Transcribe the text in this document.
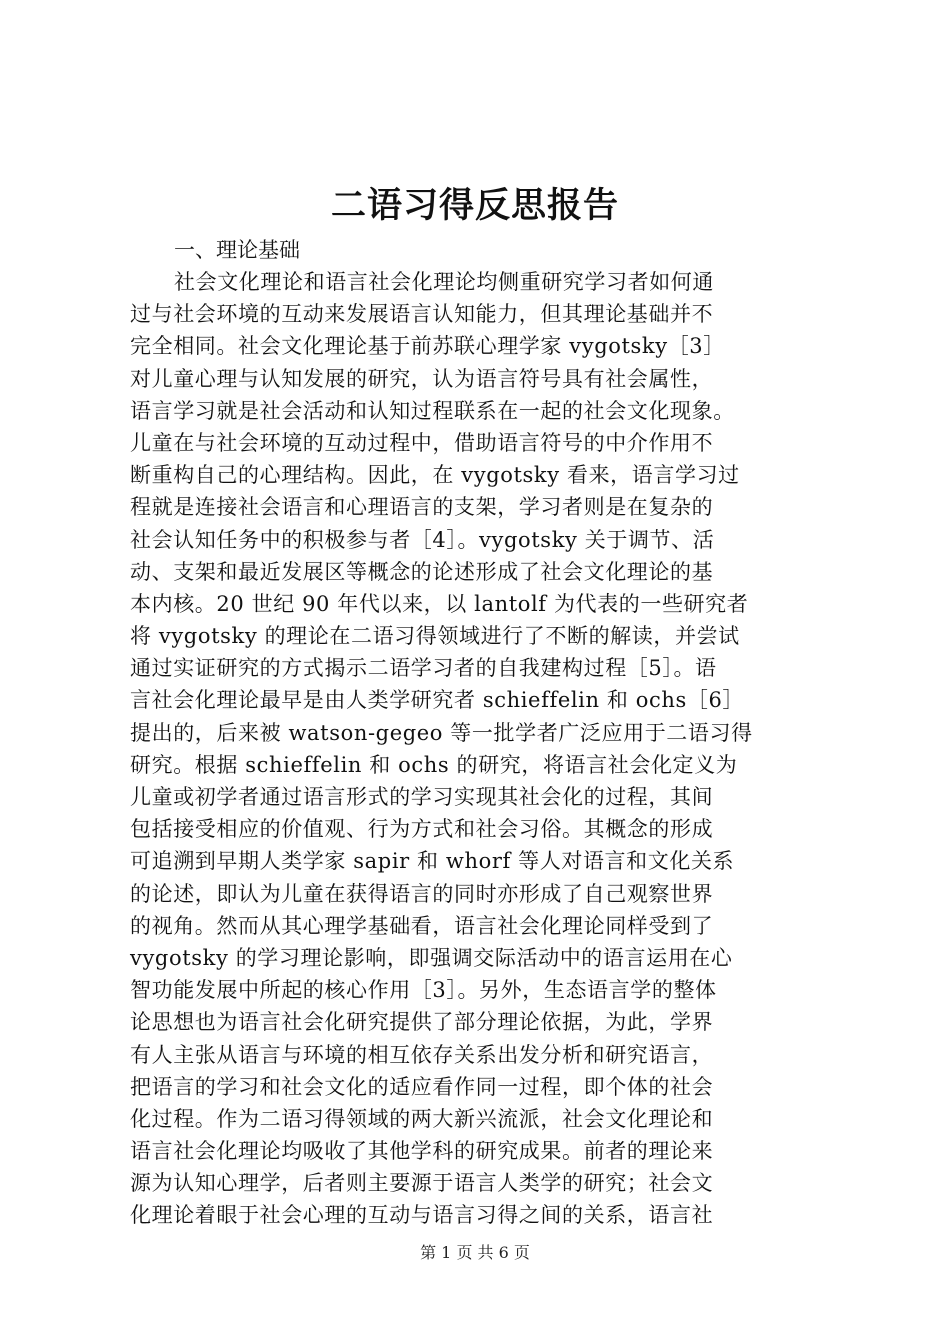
二语习得反思报告

一、理论基础

社会文化理论和语言社会化理论均侧重研究学习者如何通
过与社会环境的互动来发展语言认知能力，但其理论基础并不
完全相同。社会文化理论基于前苏联心理学家 vygotsky［3］
对儿童心理与认知发展的研究，认为语言符号具有社会属性，
语言学习就是社会活动和认知过程联系在一起的社会文化现象。
儿童在与社会环境的互动过程中，借助语言符号的中介作用不
断重构自己的心理结构。因此，在 vygotsky 看来，语言学习过
程就是连接社会语言和心理语言的支架，学习者则是在复杂的
社会认知任务中的积极参与者［4］。vygotsky 关于调节、活
动、支架和最近发展区等概念的论述形成了社会文化理论的基
本内核。20 世纪 90 年代以来，以 lantolf 为代表的一些研究者
将 vygotsky 的理论在二语习得领域进行了不断的解读，并尝试
通过实证研究的方式揭示二语学习者的自我建构过程［5］。语
言社会化理论最早是由人类学研究者 schieffelin 和 ochs［6］
提出的，后来被 watson-gegeo 等一批学者广泛应用于二语习得
研究。根据 schieffelin 和 ochs 的研究，将语言社会化定义为
儿童或初学者通过语言形式的学习实现其社会化的过程，其间
包括接受相应的价值观、行为方式和社会习俗。其概念的形成
可追溯到早期人类学家 sapir 和 whorf 等人对语言和文化关系
的论述，即认为儿童在获得语言的同时亦形成了自己观察世界
的视角。然而从其心理学基础看，语言社会化理论同样受到了
vygotsky 的学习理论影响，即强调交际活动中的语言运用在心
智功能发展中所起的核心作用［3］。另外，生态语言学的整体
论思想也为语言社会化研究提供了部分理论依据，为此，学界
有人主张从语言与环境的相互依存关系出发分析和研究语言，
把语言的学习和社会文化的适应看作同一过程，即个体的社会
化过程。作为二语习得领域的两大新兴流派，社会文化理论和
语言社会化理论均吸收了其他学科的研究成果。前者的理论来
源为认知心理学，后者则主要源于语言人类学的研究；社会文
化理论着眼于社会心理的互动与语言习得之间的关系，语言社
第 1 页 共 6 页
